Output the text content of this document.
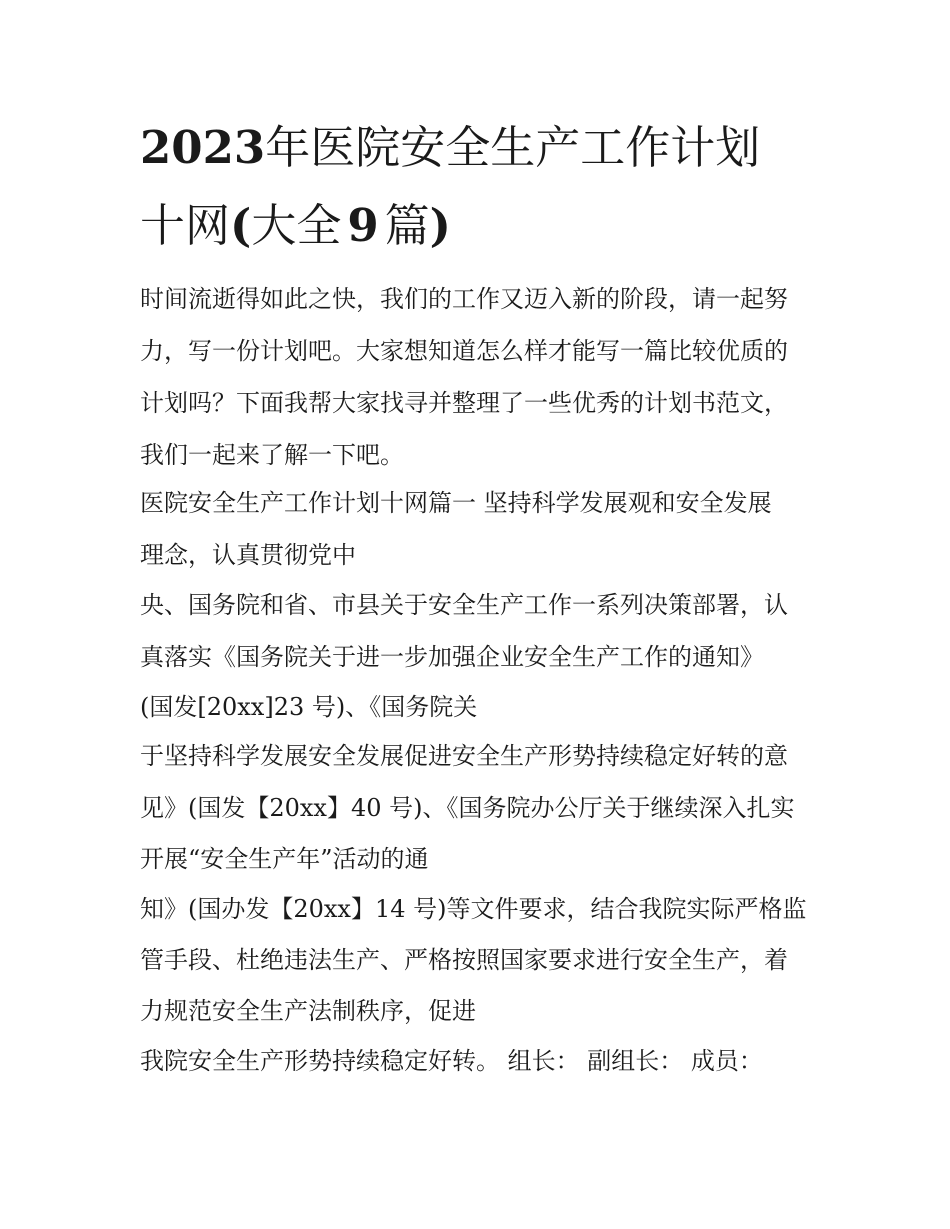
2023年医院安全生产工作计划
十网(大全 9 篇)

时间流逝得如此之快，我们的工作又迈入新的阶段，请一起努

力，写一份计划吧。大家想知道怎么样才能写一篇比较优质的

计划吗？下面我帮大家找寻并整理了一些优秀的计划书范文，

我们一起来了解一下吧。

医院安全生产工作计划十网篇一 坚持科学发展观和安全发展

理念，认真贯彻党中

央、国务院和省、市县关于安全生产工作一系列决策部署，认

真落实《国务院关于进一步加强企业安全生产工作的通知》

(国发[20xx]23 号)、《国务院关

于坚持科学发展安全发展促进安全生产形势持续稳定好转的意

见》(国发【20xx】40 号)、《国务院办公厅关于继续深入扎实

开展“安全生产年”活动的通

知》(国办发【20xx】14 号)等文件要求，结合我院实际严格监

管手段、杜绝违法生产、严格按照国家要求进行安全生产，着

力规范安全生产法制秩序，促进

我院安全生产形势持续稳定好转。 组长： 副组长： 成员：
